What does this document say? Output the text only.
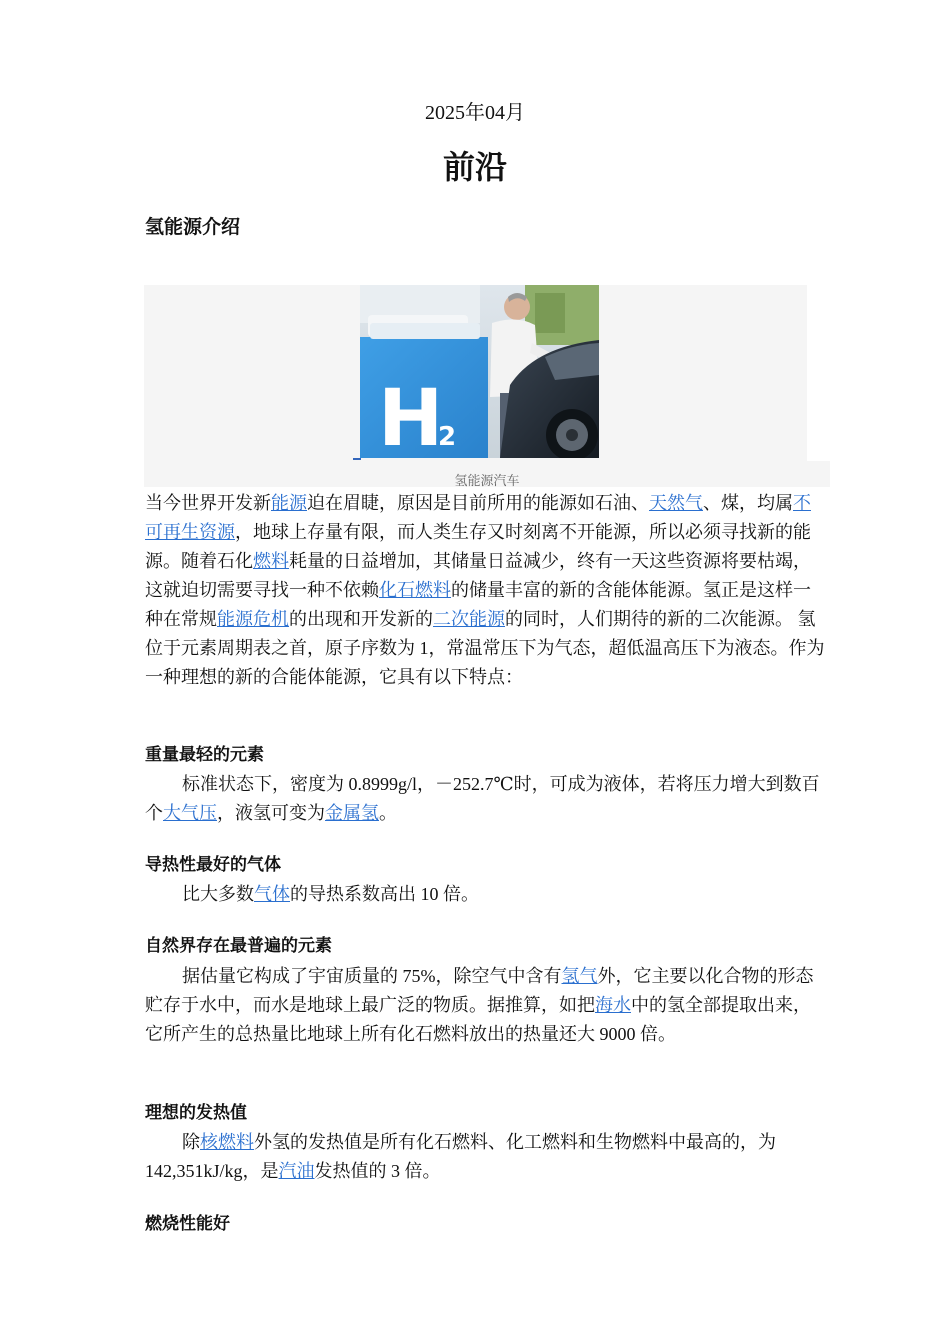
2025年04月
前沿
氢能源介绍
H
2
氢能源汽车

当今世界开发新能源迫在眉睫，原因是目前所用的能源如石油、天然气、煤，均属不可再生资源，地球上存量有限，而人类生存又时刻离不开能源，所以必须寻找新的能源。随着石化燃料耗量的日益增加，其储量日益减少，终有一天这些资源将要枯竭，这就迫切需要寻找一种不依赖化石燃料的储量丰富的新的含能体能源。氢正是这样一种在常规能源危机的出现和开发新的二次能源的同时，人们期待的新的二次能源。 氢位于元素周期表之首，原子序数为 1，常温常压下为气态，超低温高压下为液态。作为一种理想的新的合能体能源，它具有以下特点：

重量最轻的元素

标准状态下，密度为 0.8999g/l，－252.7℃时，可成为液体，若将压力增大到数百个大气压，液氢可变为金属氢。

导热性最好的气体

比大多数气体的导热系数高出 10 倍。

自然界存在最普遍的元素

据估量它构成了宇宙质量的 75%，除空气中含有氢气外，它主要以化合物的形态贮存于水中，而水是地球上最广泛的物质。据推算，如把海水中的氢全部提取出来，它所产生的总热量比地球上所有化石燃料放出的热量还大 9000 倍。

理想的发热值

除核燃料外氢的发热值是所有化石燃料、化工燃料和生物燃料中最高的，为 142,351kJ/kg，是汽油发热值的 3 倍。

燃烧性能好
